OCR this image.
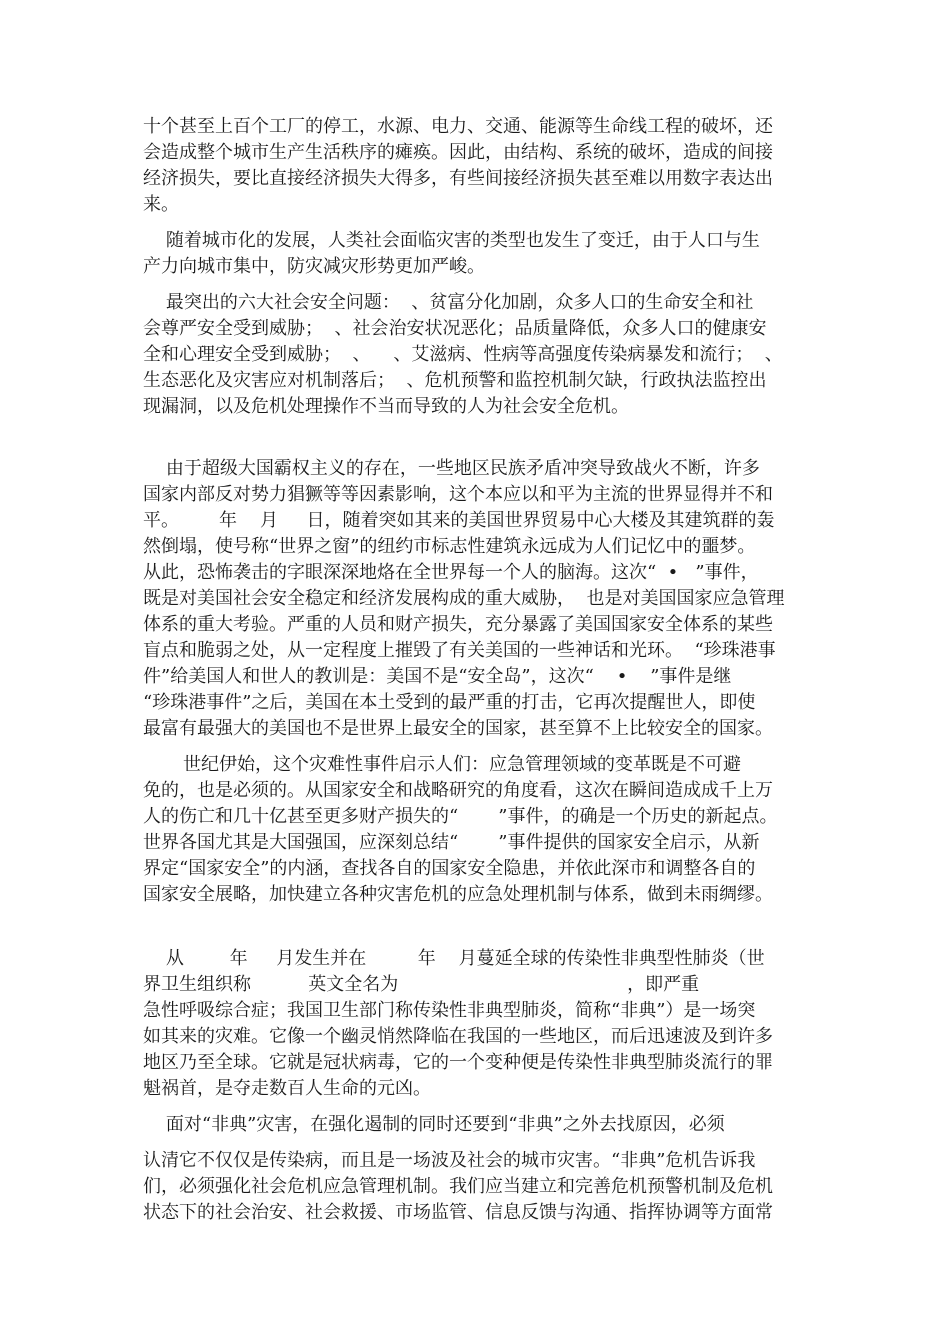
十个甚至上百个工厂的停工，水源、电力、交通、能源等生命线工程的破坏，还
会造成整个城市生产生活秩序的瘫痪。因此，由结构、系统的破坏，造成的间接
经济损失，要比直接经济损失大得多，有些间接经济损失甚至难以用数字表达出
来。
随着城市化的发展，人类社会面临灾害的类型也发生了变迁，由于人口与生
产力向城市集中，防灾减灾形势更加严峻。
最突出的六大社会安全问题：  、贫富分化加剧，众多人口的生命安全和社
会尊严安全受到威胁；  、社会治安状况恶化；品质量降低，众多人口的健康安
全和心理安全受到威胁；  、    、艾滋病、性病等高强度传染病暴发和流行；  、
生态恶化及灾害应对机制落后；  、危机预警和监控机制欠缺，行政执法监控出
现漏洞，以及危机处理操作不当而导致的人为社会安全危机。
由于超级大国霸权主义的存在，一些地区民族矛盾冲突导致战火不断，许多
国家内部反对势力猖獗等等因素影响，这个本应以和平为主流的世界显得并不和
平。       年    月     日，随着突如其来的美国世界贸易中心大楼及其建筑群的轰
然倒塌，使号称“世界之窗”的纽约市标志性建筑永远成为人们记忆中的噩梦。
从此，恐怖袭击的字眼深深地烙在全世界每一个人的脑海。这次“  •   ”事件，
既是对美国社会安全稳定和经济发展构成的重大威胁，  也是对美国国家应急管理
体系的重大考验。严重的人员和财产损失，充分暴露了美国国家安全体系的某些
盲点和脆弱之处，从一定程度上摧毁了有关美国的一些神话和光环。  “珍珠港事
件”给美国人和世人的教训是：美国不是“安全岛”，这次“    •    ”事件是继
“珍珠港事件”之后，美国在本土受到的最严重的打击，它再次提醒世人，即使
最富有最强大的美国也不是世界上最安全的国家，甚至算不上比较安全的国家。
世纪伊始，这个灾难性事件启示人们：应急管理领域的变革既是不可避
免的，也是必须的。从国家安全和战略研究的角度看，这次在瞬间造成成千上万
人的伤亡和几十亿甚至更多财产损失的“       ”事件，的确是一个历史的新起点。
世界各国尤其是大国强国，应深刻总结“       ”事件提供的国家安全启示，从新
界定“国家安全”的内涵，查找各自的国家安全隐患，并依此深市和调整各自的
国家安全展略，加快建立各种灾害危机的应急处理机制与体系，做到未雨绸缪。
从        年     月发生并在         年    月蔓延全球的传染性非典型性肺炎（世
界卫生组织称          英文全名为                                        ，即严重
急性呼吸综合症；我国卫生部门称传染性非典型肺炎，简称“非典”）是一场突
如其来的灾难。它像一个幽灵悄然降临在我国的一些地区，而后迅速波及到许多
地区乃至全球。它就是冠状病毒，它的一个变种便是传染性非典型肺炎流行的罪
魁祸首，是夺走数百人生命的元凶。
面对“非典”灾害，在强化遏制的同时还要到“非典”之外去找原因，必须
认清它不仅仅是传染病，而且是一场波及社会的城市灾害。“非典”危机告诉我
们，必须强化社会危机应急管理机制。我们应当建立和完善危机预警机制及危机
状态下的社会治安、社会救援、市场监管、信息反馈与沟通、指挥协调等方面常
